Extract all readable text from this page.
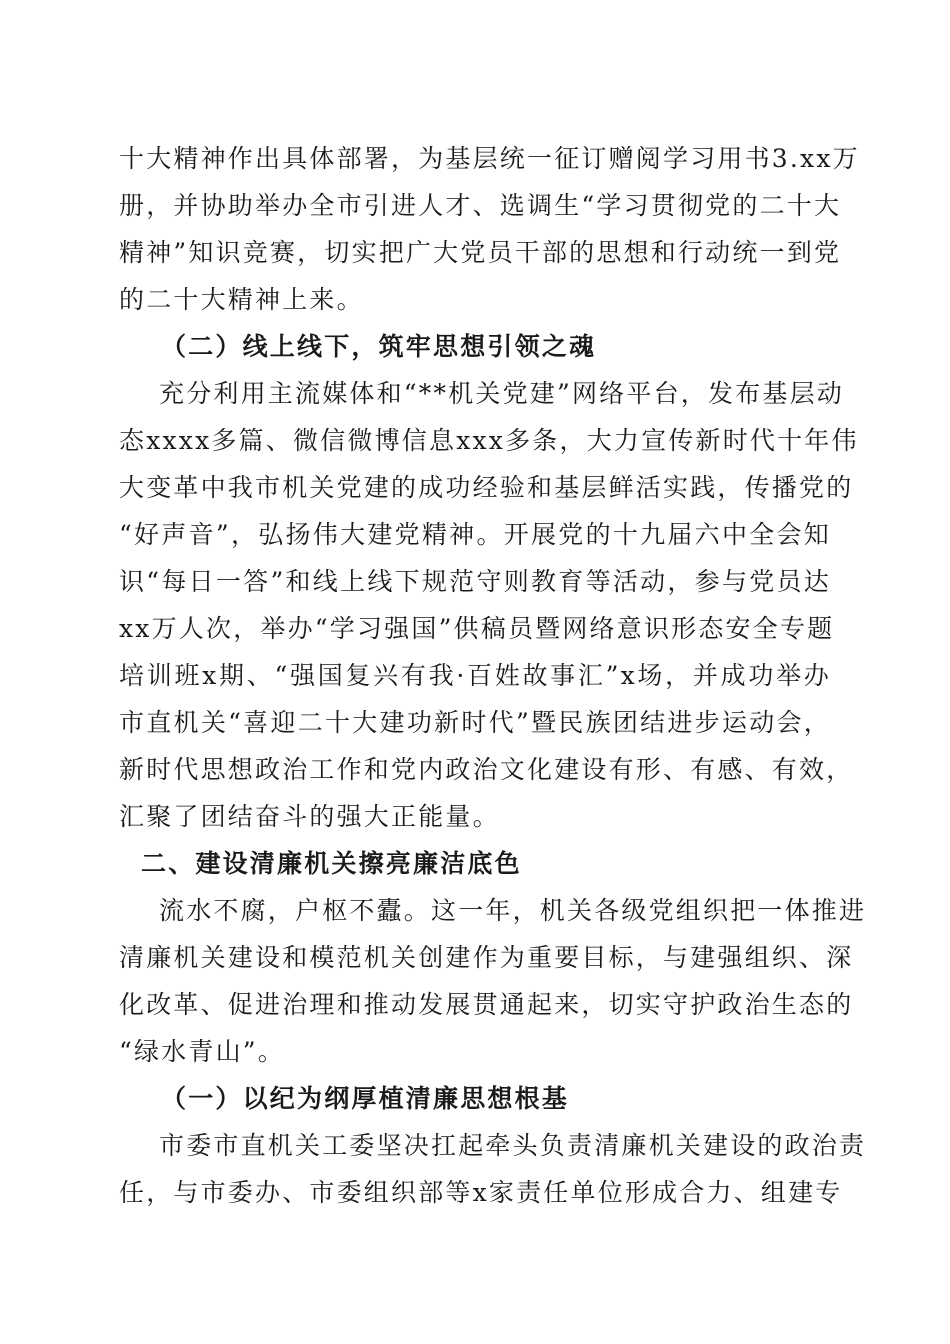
十大精神作出具体部署，为基层统一征订赠阅学习用书3.xx万
册，并协助举办全市引进人才、选调生“学习贯彻党的二十大
精神”知识竞赛，切实把广大党员干部的思想和行动统一到党
的二十大精神上来。
（二）线上线下，筑牢思想引领之魂
充分利用主流媒体和“**机关党建”网络平台，发布基层动
态xxxx多篇、微信微博信息xxx多条，大力宣传新时代十年伟
大变革中我市机关党建的成功经验和基层鲜活实践，传播党的
“好声音”，弘扬伟大建党精神。开展党的十九届六中全会知
识“每日一答”和线上线下规范守则教育等活动，参与党员达
xx万人次，举办“学习强国”供稿员暨网络意识形态安全专题
培训班x期、“强国复兴有我·百姓故事汇”x场，并成功举办
市直机关“喜迎二十大建功新时代”暨民族团结进步运动会，
新时代思想政治工作和党内政治文化建设有形、有感、有效，
汇聚了团结奋斗的强大正能量。
二、建设清廉机关擦亮廉洁底色
流水不腐，户枢不蠹。这一年，机关各级党组织把一体推进
清廉机关建设和模范机关创建作为重要目标，与建强组织、深
化改革、促进治理和推动发展贯通起来，切实守护政治生态的
“绿水青山”。
（一）以纪为纲厚植清廉思想根基
市委市直机关工委坚决扛起牵头负责清廉机关建设的政治责
任，与市委办、市委组织部等x家责任单位形成合力、组建专
